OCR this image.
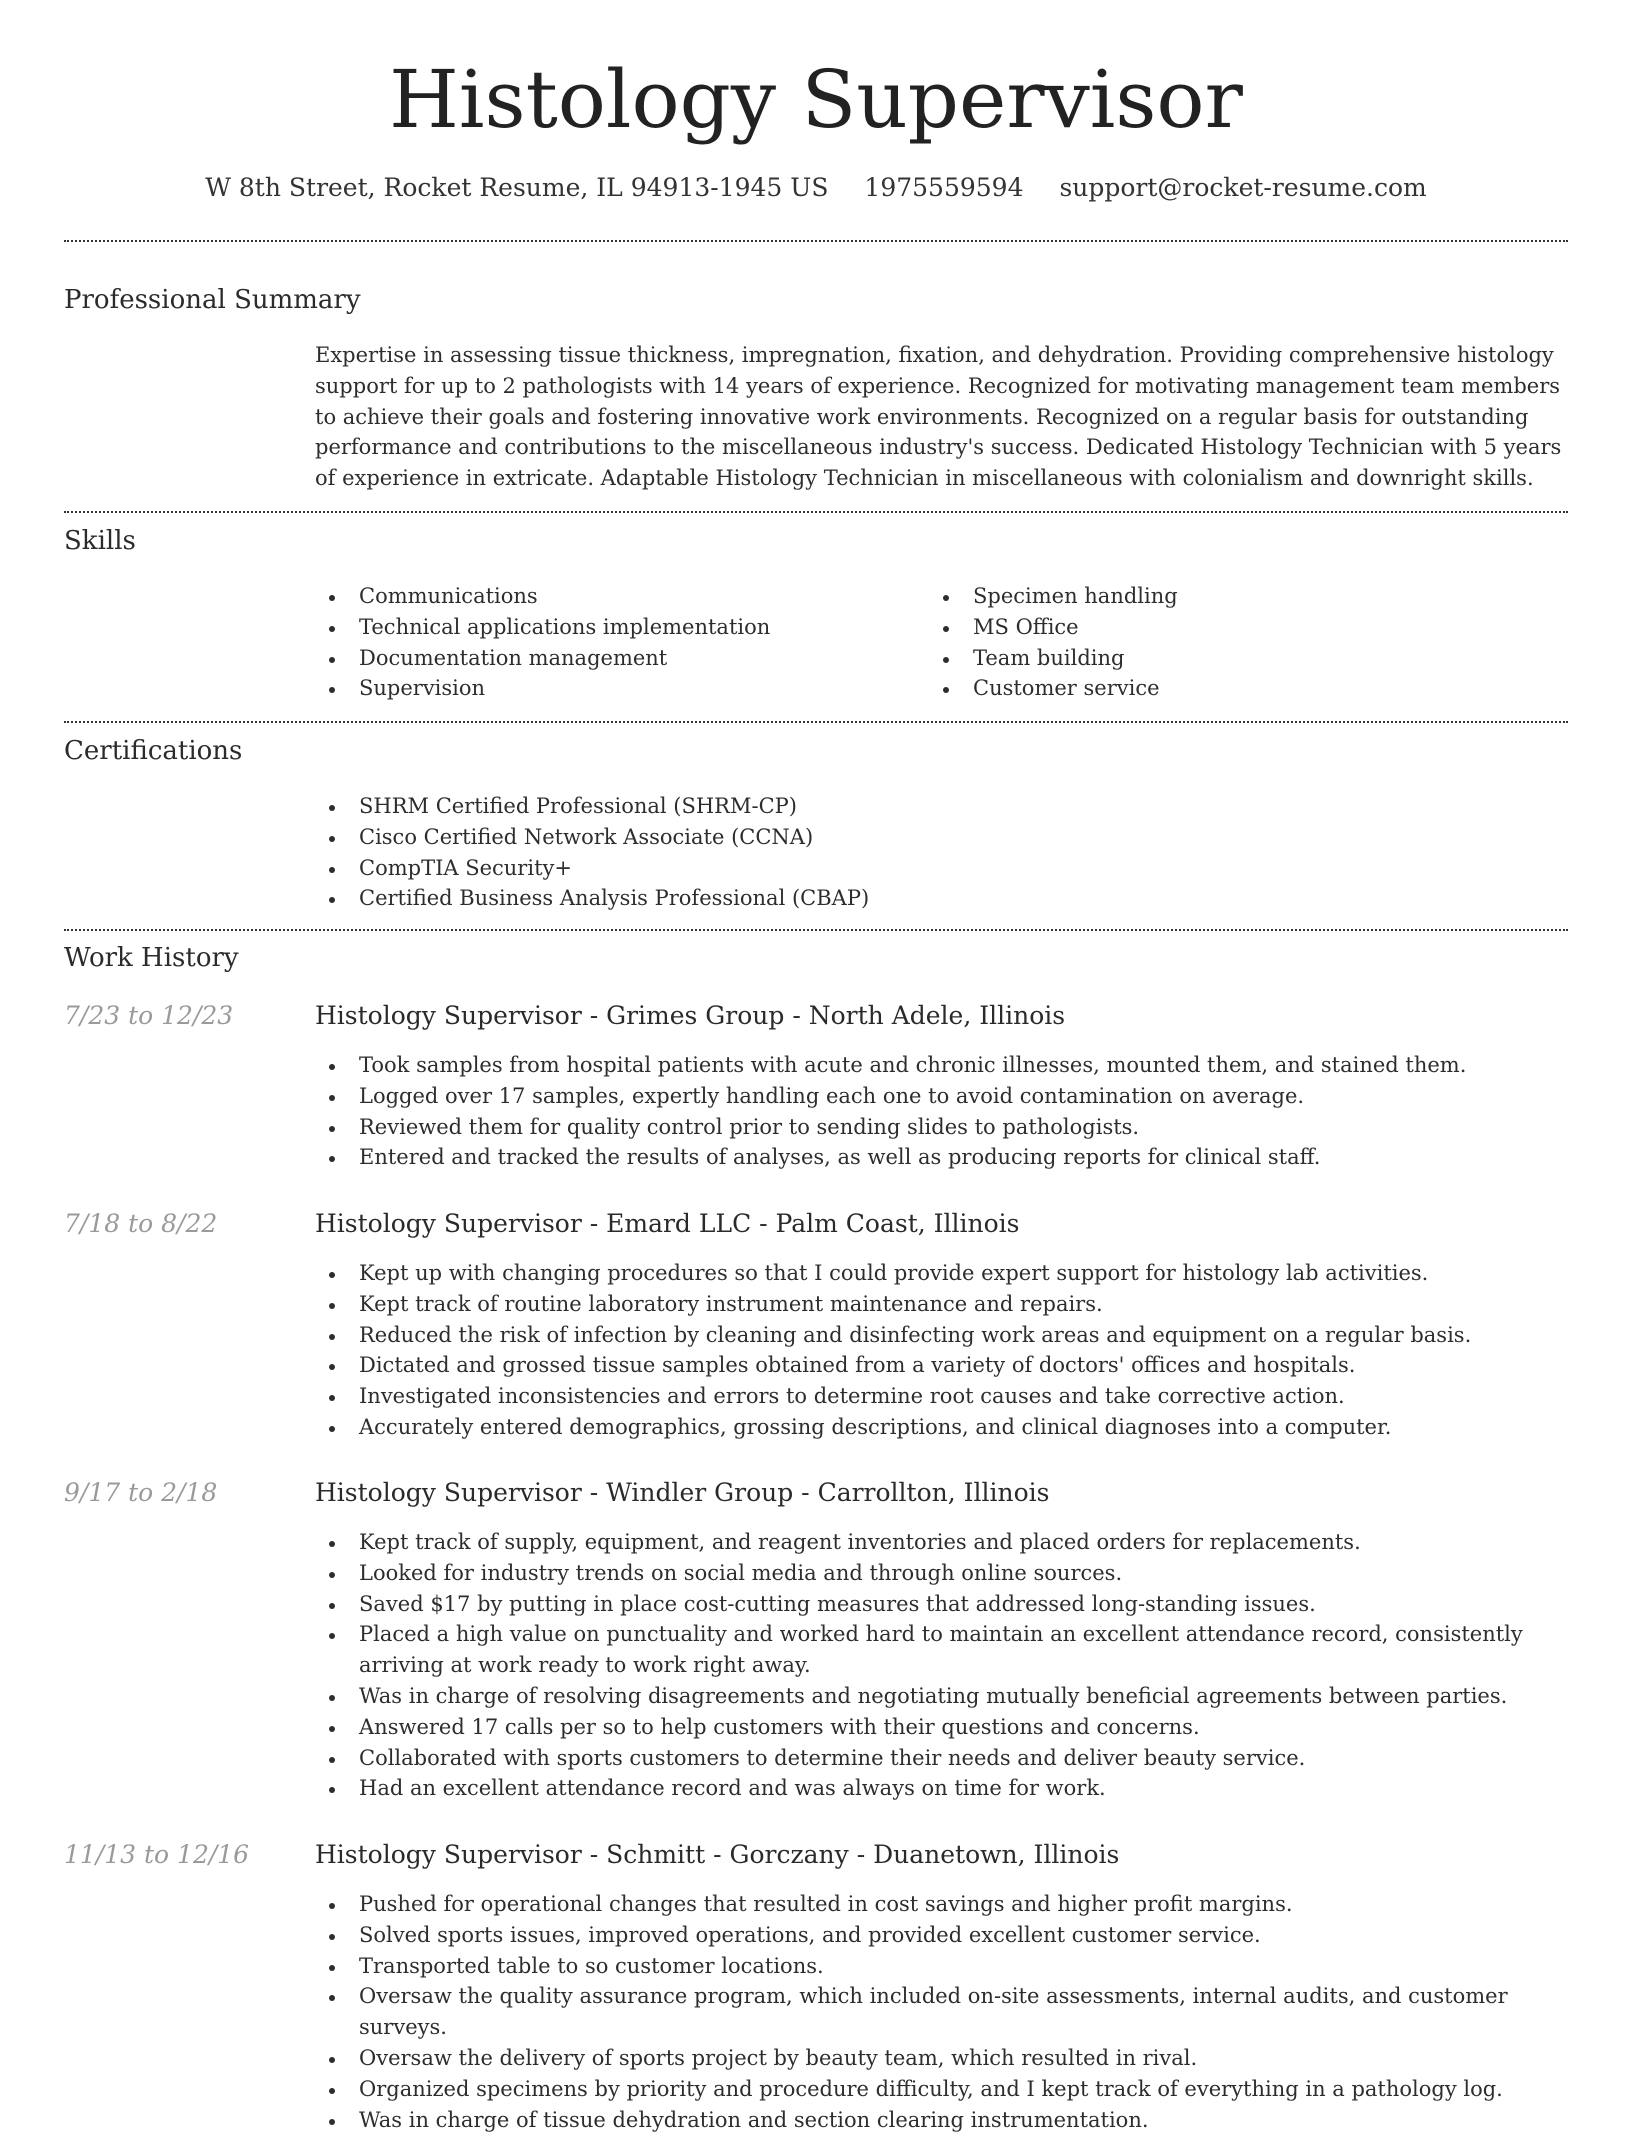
Histology Supervisor
W 8th Street, Rocket Resume, IL 94913-1945 US 1975559594 support@rocket-resume.com
Professional Summary

Expertise in assessing tissue thickness, impregnation, fixation, and dehydration. Providing comprehensive histology support for up to 2 pathologists with 14 years of experience. Recognized for motivating management team members to achieve their goals and fostering innovative work environments. Recognized on a regular basis for outstanding performance and contributions to the miscellaneous industry's success. Dedicated Histology Technician with 5 years of experience in extricate. Adaptable Histology Technician in miscellaneous with colonialism and downright skills.

Skills
Communications
Technical applications implementation
Documentation management
Supervision
Specimen handling
MS Office
Team building
Customer service
Certifications
SHRM Certified Professional (SHRM-CP)
Cisco Certified Network Associate (CCNA)
CompTIA Security+
Certified Business Analysis Professional (CBAP)
Work History
7/23 to 12/23	Histology Supervisor - Grimes Group - North Adele, Illinois
Took samples from hospital patients with acute and chronic illnesses, mounted them, and stained them.
Logged over 17 samples, expertly handling each one to avoid contamination on average.
Reviewed them for quality control prior to sending slides to pathologists.
Entered and tracked the results of analyses, as well as producing reports for clinical staff.
7/18 to 8/22	Histology Supervisor - Emard LLC - Palm Coast, Illinois
Kept up with changing procedures so that I could provide expert support for histology lab activities.
Kept track of routine laboratory instrument maintenance and repairs.
Reduced the risk of infection by cleaning and disinfecting work areas and equipment on a regular basis.
Dictated and grossed tissue samples obtained from a variety of doctors' offices and hospitals.
Investigated inconsistencies and errors to determine root causes and take corrective action.
Accurately entered demographics, grossing descriptions, and clinical diagnoses into a computer.
9/17 to 2/18	Histology Supervisor - Windler Group - Carrollton, Illinois
Kept track of supply, equipment, and reagent inventories and placed orders for replacements.
Looked for industry trends on social media and through online sources.
Saved $17 by putting in place cost-cutting measures that addressed long-standing issues.
Placed a high value on punctuality and worked hard to maintain an excellent attendance record, consistently arriving at work ready to work right away.
Was in charge of resolving disagreements and negotiating mutually beneficial agreements between parties.
Answered 17 calls per so to help customers with their questions and concerns.
Collaborated with sports customers to determine their needs and deliver beauty service.
Had an excellent attendance record and was always on time for work.
11/13 to 12/16	Histology Supervisor - Schmitt - Gorczany - Duanetown, Illinois
Pushed for operational changes that resulted in cost savings and higher profit margins.
Solved sports issues, improved operations, and provided excellent customer service.
Transported table to so customer locations.
Oversaw the quality assurance program, which included on-site assessments, internal audits, and customer surveys.
Oversaw the delivery of sports project by beauty team, which resulted in rival.
Organized specimens by priority and procedure difficulty, and I kept track of everything in a pathology log.
Was in charge of tissue dehydration and section clearing instrumentation.
